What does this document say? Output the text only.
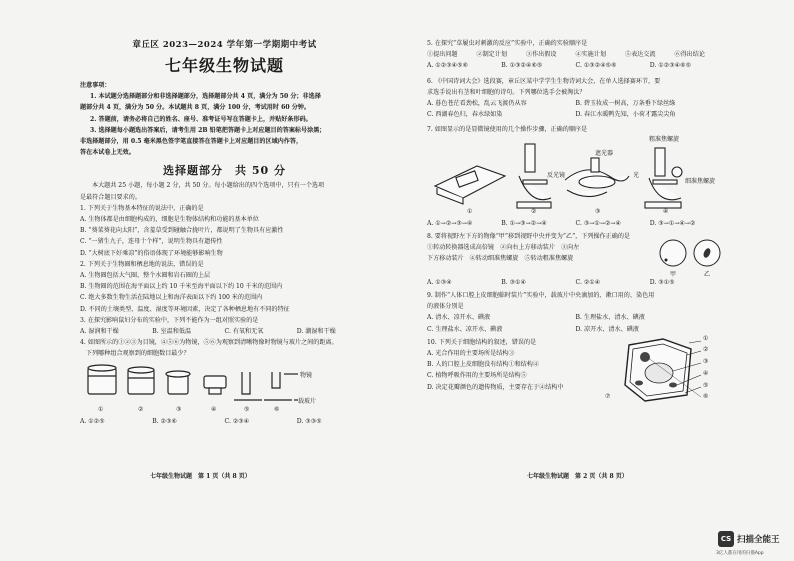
章丘区 2023—2024 学年第一学期期中考试
七年级生物试题
注意事项：
1. 本试题分选择题部分和非选择题部分，选择题部分共 4 页，满分为 50 分；非选择
题部分共 4 页，满分为 50 分。本试题共 8 页，满分 100 分，考试用时 60 分钟。
2. 答题前，请务必将自己的姓名、座号、准考证号写在答题卡上，并贴好条形码。
3. 选择题每小题选出答案后，请考生用 2B 铅笔把答题卡上对应题目的答案标号涂黑；
非选择题部分，用 0.5 毫米黑色签字笔直接答在答题卡上对应题目的区域内作答，
答在本试卷上无效。
选择题部分　共 50 分
本大题共 25 小题，每小题 2 分，共 50 分。每小题给出的四个选项中，只有一个选项
是最符合题目要求的。
1. 下列关于生物基本特征的说法中，正确的是
A. 生物体都是由细胞构成的，细胞是生物体结构和功能的基本单位
B. “葵菜葵花向太阳”，含羞草受到碰触合拢叶片，都说明了生物具有应激性
C. “一猪生九子，连母十个样”，说明生物具有遗传性
D. “大树底下好乘凉”的俗语体现了环境能够影响生物
2. 下列关于生物圈和栖息地的说法，错误的是
A. 生物圈包括大气圈、整个水圈和岩石圈的上层
B. 生物圈的范围在海平面以上约 10 千米至海平面以下约 10 千米的范围内
C. 绝大多数生物生活在陆地以上和海洋表面以下约 100 米的范围内
D. 不同的土壤类型、温度、湿度等环境因素，决定了各种栖息地有不同的特征
3. 在探究影响鼠妇分布的实验中，下列不能作为一组对照实验的是
A. 湿润和干燥	B. 室温和低温	C. 有氧和无氧	D. 潮湿和干燥
4. 如图所示的①②③为目镜，④⑤⑥为物镜，⑤⑥为观察到清晰物像时物镜与玻片之间的距离。
下列哪种组合观察到的细胞数目最少？
物镜
载玻片
①	②	③	④	⑤	⑥
A. ①②⑤	B. ②③⑥	C. ②③④	D. ③③⑤
七年级生物试题　第 1 页（共 8 页）
5. 在探究“草履虫对刺激的反应”实验中，正确的实验顺序是
①提出问题	②制定计划	③作出假设	④实施计划	⑤表达交流	⑥得出结论
A. ①②③④⑤⑥	B. ①③②④⑥⑤	C. ①③②④⑤⑥	D. ①②③④⑥⑤
6. 《中国诗词大会》选段赛，章丘区某中学学生生物诗词大会，在单人选择赛环节，要
求选手说出有茎和叶细胞的诗句。下列哪位选手会被淘汰？
A. 暮色苍茫看劲松，乱云飞渡仍从容	B. 碧玉妆成一树高，万条垂下绿丝绦
C. 西湖春色归，春水绿如染	D. 春江水暖鸭先知，小荷才露尖尖角
7. 如图显示的是显微镜使用的几个操作步骤，正确的顺序是
反光镜
遮光器
光
粗准焦螺旋
细准焦螺旋
①	②	③	④
A. ①→②→③→④	B. ①→③→②→④	C. ③→①→②→④	D. ③→①→④→②
8. 要将视野左下方的物像“甲”移到视野中央并变为“乙”，下列操作正确的是
①转动转换器选成高倍镜　②向右上方移动装片　③向左
下方移动装片　④转动细准焦螺旋　⑤转动粗准焦螺旋
甲	乙
A. ①③④	B. ③①④	C. ②①④	D. ③①⑤
9. 制作“人体口腔上皮细胞临时装片”实验中，载玻片中央滴加的、漱口用的、染色用
的液体分别是
A. 清水、凉开水、碘液	B. 生理盐水、清水、碘液
C. 生理盐水、凉开水、碘液	D. 凉开水、清水、碘液
10. 下列关于细胞结构的叙述，错误的是
A. 光合作用的主要场所是结构③
B. 人的口腔上皮细胞没有结构①和结构④
C. 植物呼吸作用的主要场所是结构⑤
D. 决定花瓣颜色的遗传物质，主要存在于④结构中
①
②
③
④
⑤
⑥
⑦
七年级生物试题　第 2 页（共 8 页）
CS 扫描全能王
3亿人都在用的扫描App
